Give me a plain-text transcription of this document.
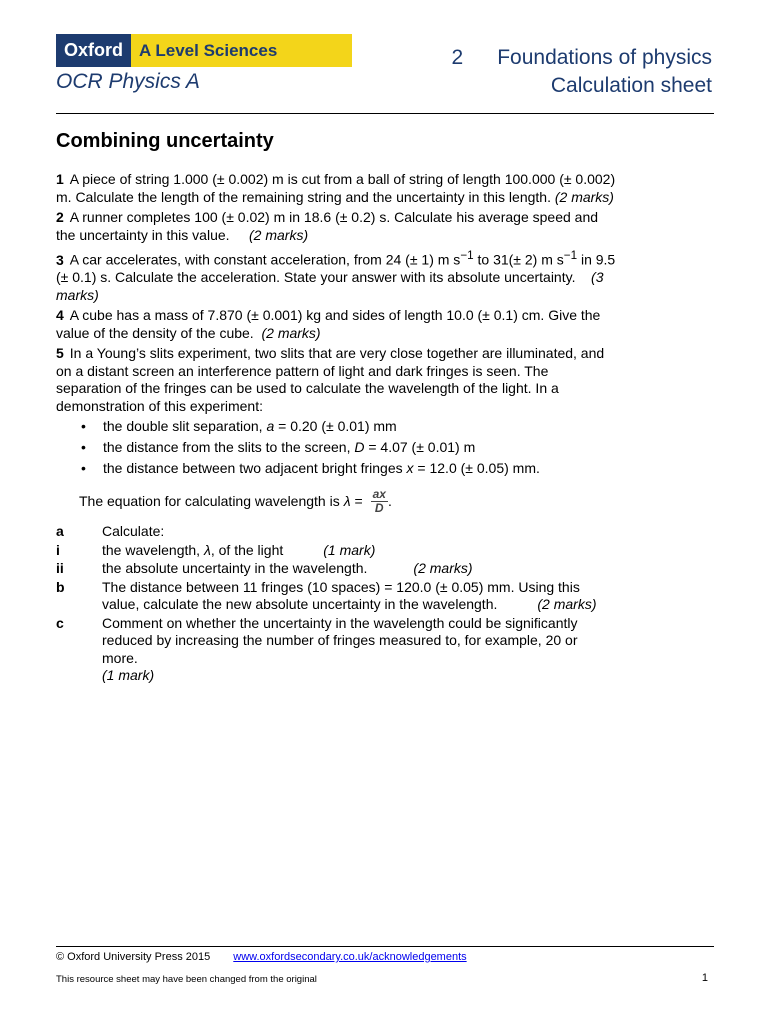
Oxford A Level Sciences
OCR Physics A
2 Foundations of physics
Calculation sheet
Combining uncertainty

1 A piece of string 1.000 (± 0.002) m is cut from a ball of string of length 100.000 (± 0.002) m. Calculate the length of the remaining string and the uncertainty in this length. (2 marks)

2 A runner completes 100 (± 0.02) m in 18.6 (± 0.2) s. Calculate his average speed and the uncertainty in this value. (2 marks)

3 A car accelerates, with constant acceleration, from 24 (± 1) m $s^{-1}$ to 31(± 2) m $s^{-1}$ in 9.5 (± 0.1) s. Calculate the acceleration. State your answer with its absolute uncertainty. (3 marks)

4 A cube has a mass of 7.870 (± 0.001) kg and sides of length 10.0 (± 0.1) cm. Give the value of the density of the cube. (2 marks)

5 In a Young’s slits experiment, two slits that are very close together are illuminated, and on a distant screen an interference pattern of light and dark fringes is seen. The separation of the fringes can be used to calculate the wavelength of the light. In a demonstration of this experiment:

•	the double slit separation, a = 0.20 (± 0.01) mm
•	the distance from the slits to the screen, D = 4.07 (± 0.01) m
•	the distance between two adjacent bright fringes x = 12.0 (± 0.05) mm.
The equation for calculating wavelength is $\lambda = \frac{ax}{D}$ .
a	Calculate:
i	the wavelength, λ, of the light	(1 mark)
ii	the absolute uncertainty in the wavelength.	(2 marks)
b	The distance between 11 fringes (10 spaces) = 120.0 (± 0.05) mm. Using this value, calculate the new absolute uncertainty in the wavelength.	(2 marks)
c	Comment on whether the uncertainty in the wavelength could be significantly reduced by increasing the number of fringes measured to, for example, 20 or more.
(1 mark)
© Oxford University Press 2015 www.oxfordsecondary.co.uk/acknowledgements
This resource sheet may have been changed from the original	1
